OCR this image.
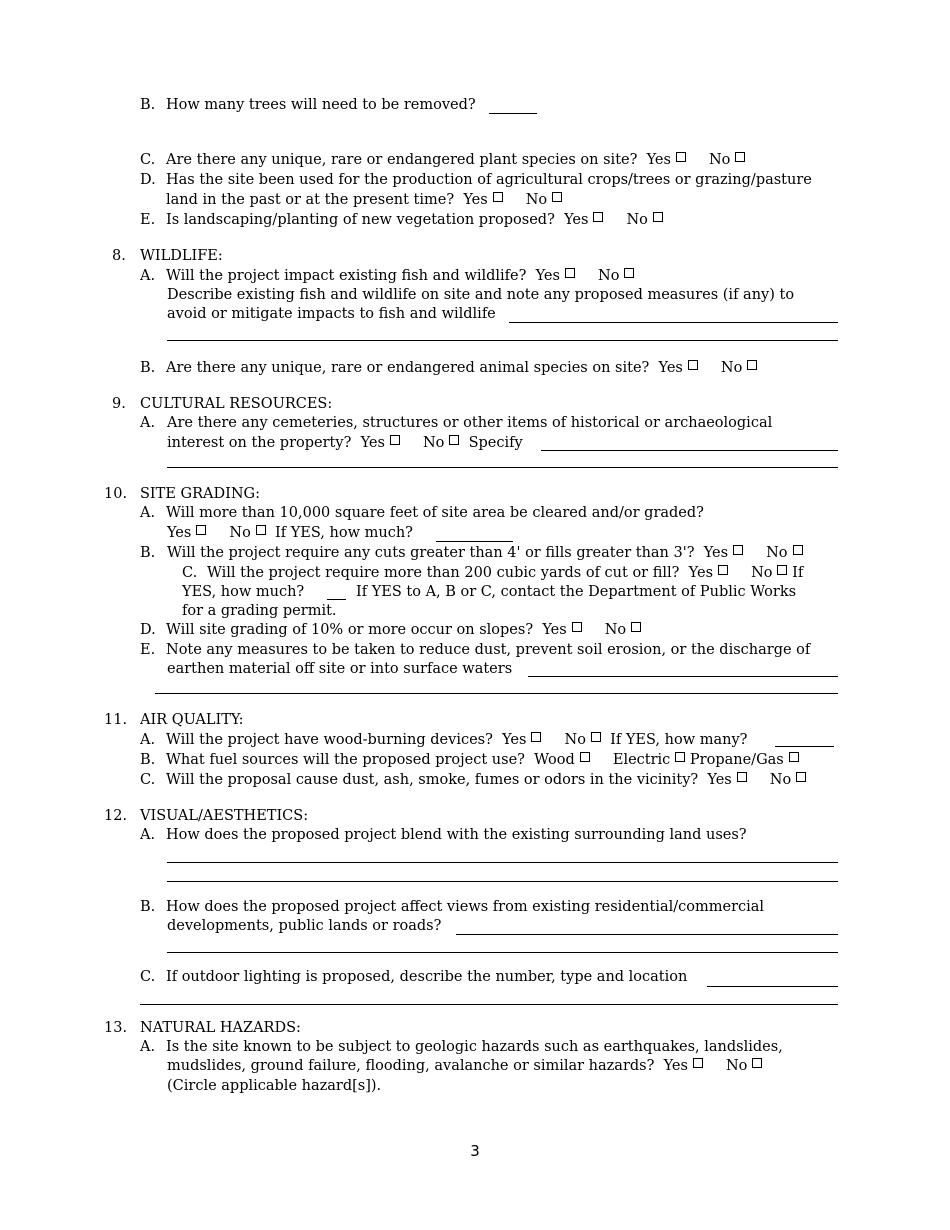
B. How many trees will need to be removed?
C. Are there any unique, rare or endangered plant species on site? Yes	No
D. Has the site been used for the production of agricultural crops/trees or grazing/pasture
land in the past or at the present time? Yes	No
E. Is landscaping/planting of new vegetation proposed? Yes	No
8. WILDLIFE:
A. Will the project impact existing fish and wildlife? Yes	No
Describe existing fish and wildlife on site and note any proposed measures (if any) to
avoid or mitigate impacts to fish and wildlife
B. Are there any unique, rare or endangered animal species on site? Yes	No
9. CULTURAL RESOURCES:
A. Are there any cemeteries, structures or other items of historical or archaeological
interest on the property? Yes	No Specify
10. SITE GRADING:
A. Will more than 10,000 square feet of site area be cleared and/or graded?
Yes	No If YES, how much?
B. Will the project require any cuts greater than 4' or fills greater than 3'? Yes	No
C. Will the project require more than 200 cubic yards of cut or fill? Yes	No If
YES, how much?	If YES to A, B or C, contact the Department of Public Works
for a grading permit.
D. Will site grading of 10% or more occur on slopes? Yes	No
E. Note any measures to be taken to reduce dust, prevent soil erosion, or the discharge of
earthen material off site or into surface waters
11. AIR QUALITY:
A. Will the project have wood-burning devices? Yes	No If YES, how many?
B. What fuel sources will the proposed project use? Wood	Electric Propane/Gas
C. Will the proposal cause dust, ash, smoke, fumes or odors in the vicinity? Yes	No
12. VISUAL/AESTHETICS:
A. How does the proposed project blend with the existing surrounding land uses?
B. How does the proposed project affect views from existing residential/commercial
developments, public lands or roads?
C. If outdoor lighting is proposed, describe the number, type and location
13. NATURAL HAZARDS:
A. Is the site known to be subject to geologic hazards such as earthquakes, landslides,
mudslides, ground failure, flooding, avalanche or similar hazards? Yes	No
(Circle applicable hazard[s]).
3
